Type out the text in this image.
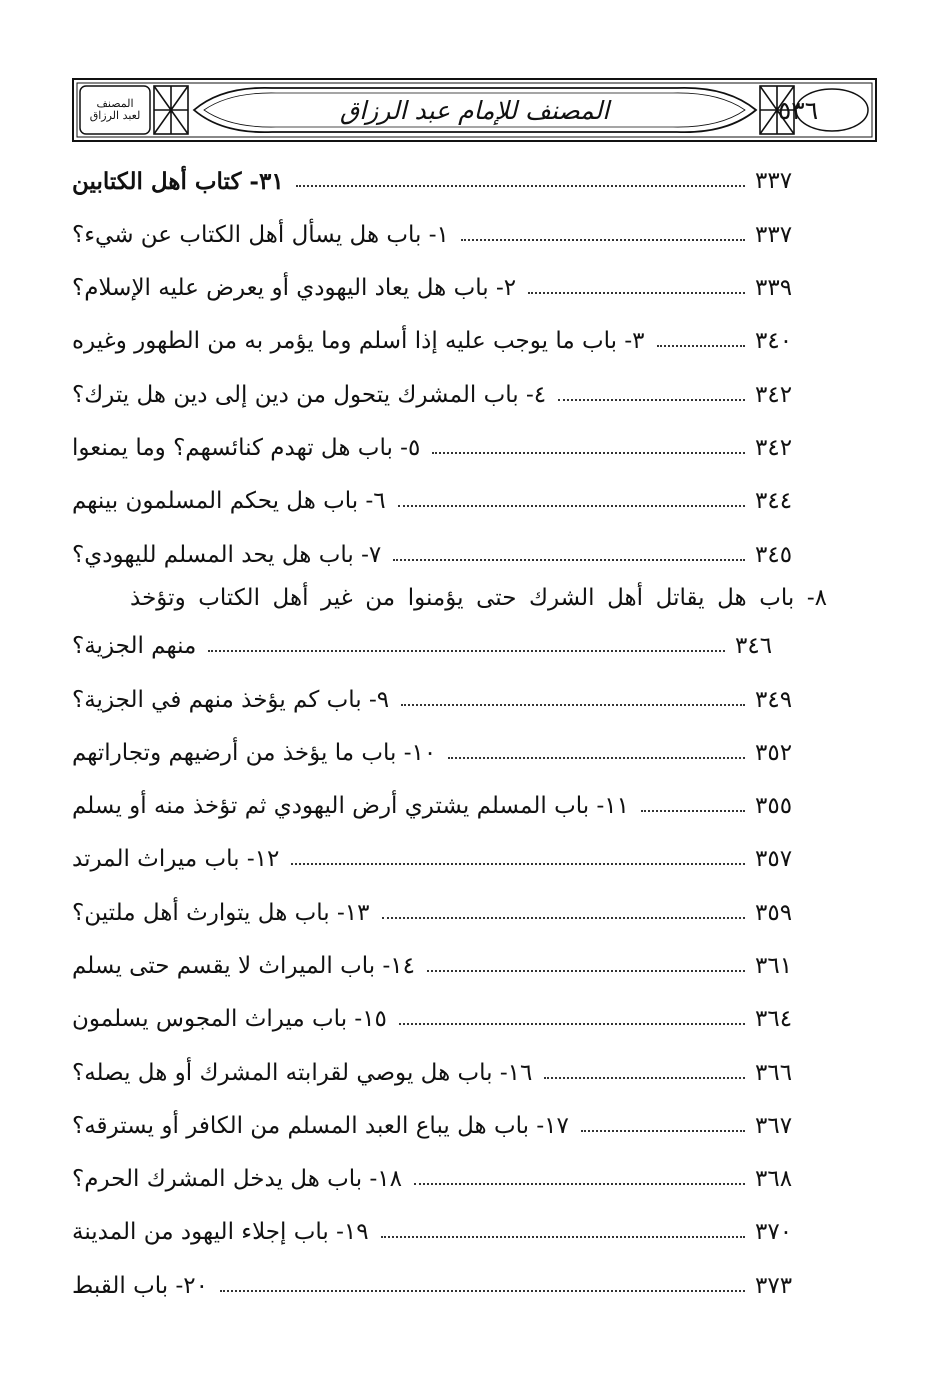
المصنف
لعبد الرزاق	المصنف للإمام عبد الرزاق	٥٣٦
٣١- كتاب أهل الكتابين	٣٣٧
١- باب هل يسأل أهل الكتاب عن شيء؟	٣٣٧
٢- باب هل يعاد اليهودي أو يعرض عليه الإسلام؟	٣٣٩
٣- باب ما يوجب عليه إذا أسلم وما يؤمر به من الطهور وغيره	٣٤٠
٤- باب المشرك يتحول من دين إلى دين هل يترك؟	٣٤٢
٥- باب هل تهدم كنائسهم؟ وما يمنعوا	٣٤٢
٦- باب هل يحكم المسلمون بينهم	٣٤٤
٧- باب هل يحد المسلم لليهودي؟	٣٤٥
٨- باب هل يقاتل أهل الشرك حتى يؤمنوا من غير أهل الكتاب وتؤخذ
منهم الجزية؟	٣٤٦
٩- باب كم يؤخذ منهم في الجزية؟	٣٤٩
١٠- باب ما يؤخذ من أرضيهم وتجاراتهم	٣٥٢
١١- باب المسلم يشتري أرض اليهودي ثم تؤخذ منه أو يسلم	٣٥٥
١٢- باب ميراث المرتد	٣٥٧
١٣- باب هل يتوارث أهل ملتين؟	٣٥٩
١٤- باب الميراث لا يقسم حتى يسلم	٣٦١
١٥- باب ميراث المجوس يسلمون	٣٦٤
١٦- باب هل يوصي لقرابته المشرك أو هل يصله؟	٣٦٦
١٧- باب هل يباع العبد المسلم من الكافر أو يسترقه؟	٣٦٧
١٨- باب هل يدخل المشرك الحرم؟	٣٦٨
١٩- باب إجلاء اليهود من المدينة	٣٧٠
٢٠- باب القبط	٣٧٣
